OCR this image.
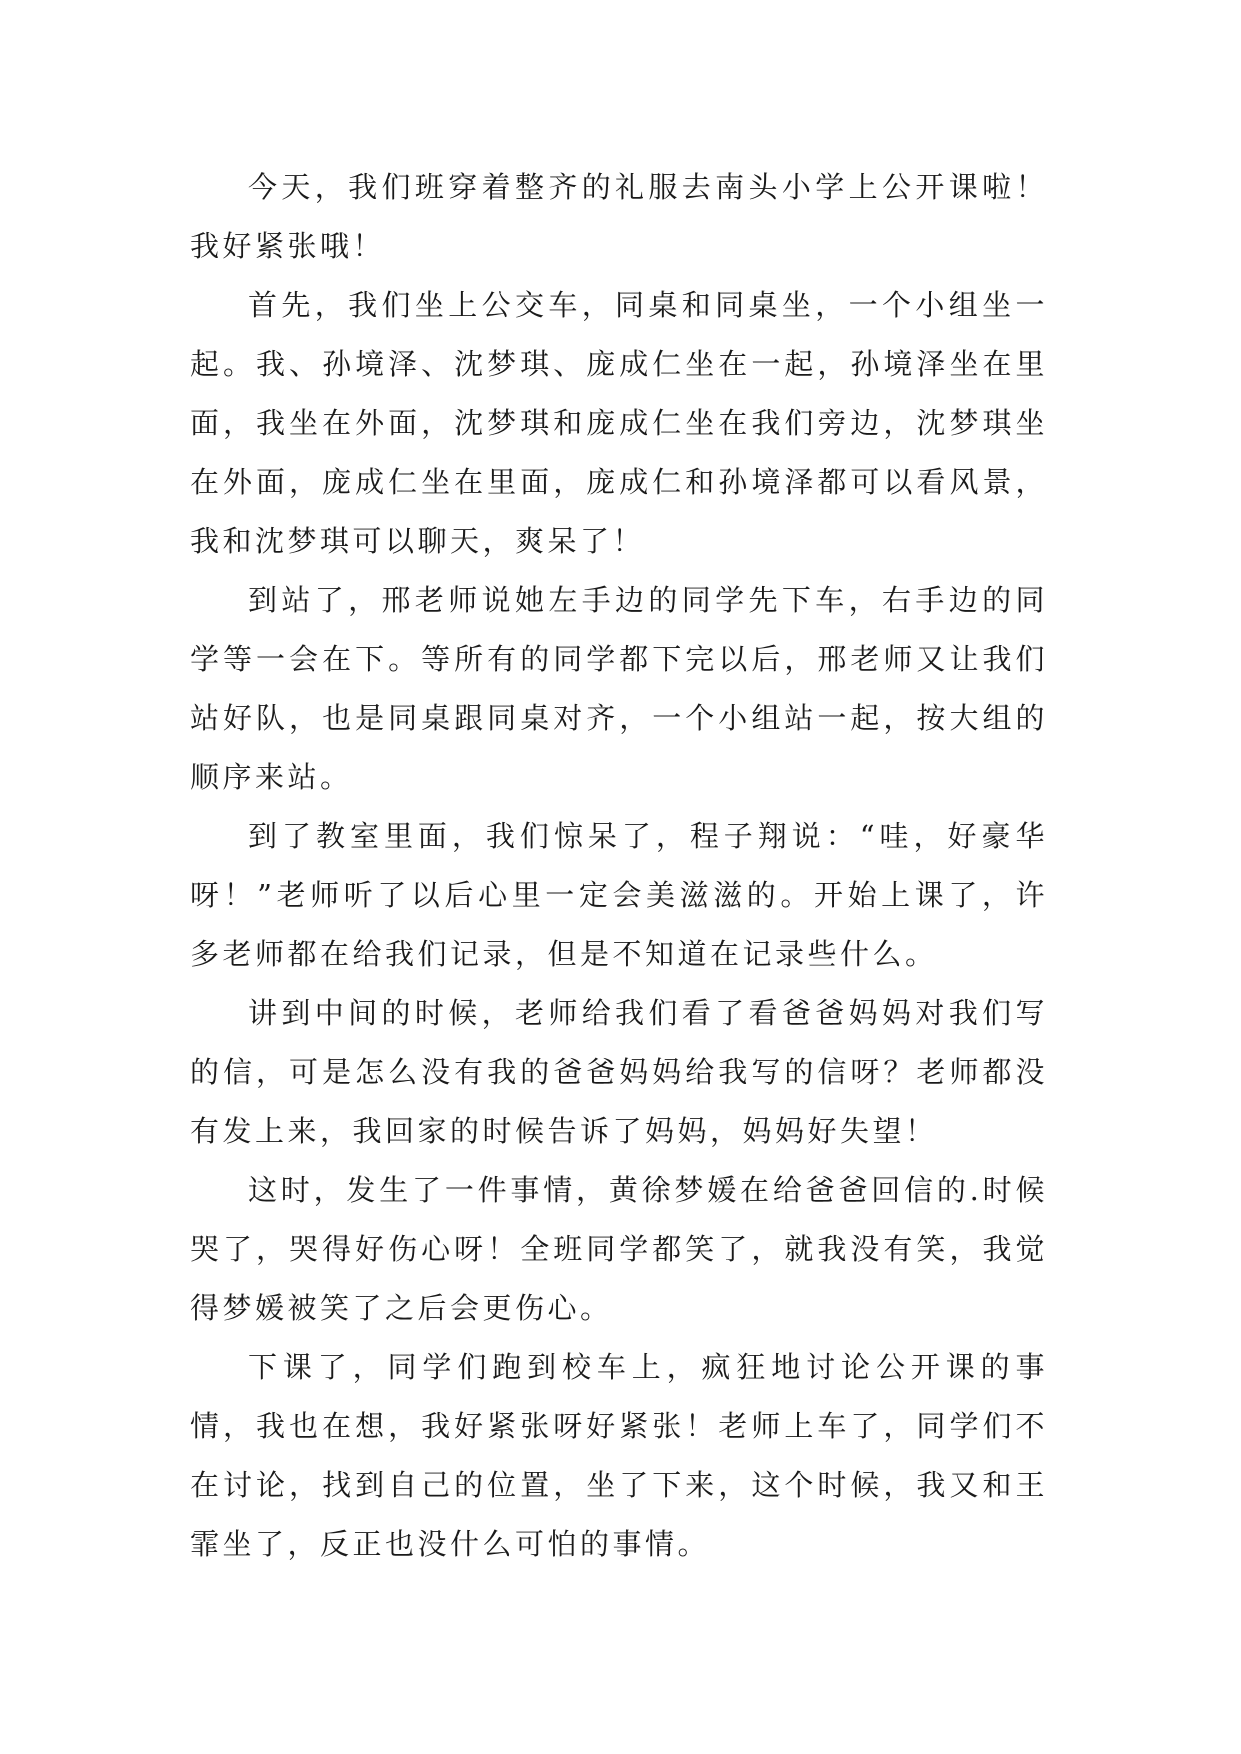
今天，我们班穿着整齐的礼服去南头小学上公开课啦！我好紧张哦！

首先，我们坐上公交车，同桌和同桌坐，一个小组坐一起。我、孙境泽、沈梦琪、庞成仁坐在一起，孙境泽坐在里面，我坐在外面，沈梦琪和庞成仁坐在我们旁边，沈梦琪坐在外面，庞成仁坐在里面，庞成仁和孙境泽都可以看风景，我和沈梦琪可以聊天，爽呆了！

到站了，邢老师说她左手边的同学先下车，右手边的同学等一会在下。等所有的同学都下完以后，邢老师又让我们站好队，也是同桌跟同桌对齐，一个小组站一起，按大组的顺序来站。

到了教室里面，我们惊呆了，程子翔说：“哇，好豪华呀！”老师听了以后心里一定会美滋滋的。开始上课了，许多老师都在给我们记录，但是不知道在记录些什么。

讲到中间的时候，老师给我们看了看爸爸妈妈对我们写的信，可是怎么没有我的爸爸妈妈给我写的信呀？老师都没有发上来，我回家的时候告诉了妈妈，妈妈好失望！

这时，发生了一件事情，黄徐梦媛在给爸爸回信的.时候哭了，哭得好伤心呀！全班同学都笑了，就我没有笑，我觉得梦媛被笑了之后会更伤心。

下课了，同学们跑到校车上，疯狂地讨论公开课的事情，我也在想，我好紧张呀好紧张！老师上车了，同学们不在讨论，找到自己的位置，坐了下来，这个时候，我又和王霏坐了，反正也没什么可怕的事情。
